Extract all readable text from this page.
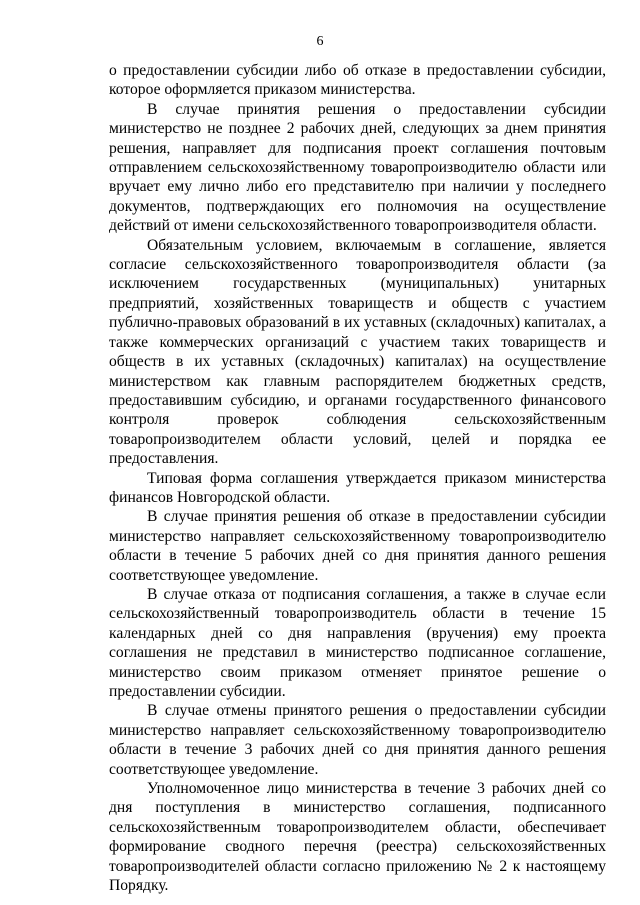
6

о предоставлении субсидии либо об отказе в предоставлении субсидии, которое оформляется приказом министерства.

В случае принятия решения о предоставлении субсидии министерство не позднее 2 рабочих дней, следующих за днем принятия решения, направляет для подписания проект соглашения почтовым отправлением сельскохозяйственному товаропроизводителю области или вручает ему лично либо его представителю при наличии у последнего документов, подтверждающих его полномочия на осуществление действий от имени сельскохозяйственного товаропроизводителя области.

Обязательным условием, включаемым в соглашение, является согласие сельскохозяйственного товаропроизводителя области (за исключением государственных (муниципальных) унитарных предприятий, хозяйственных товариществ и обществ с участием публично-правовых образований в их уставных (складочных) капиталах, а также коммерческих организаций с участием таких товариществ и обществ в их уставных (складочных) капиталах) на осуществление министерством как главным распорядителем бюджетных средств, предоставившим субсидию, и органами государственного финансового контроля проверок соблюдения сельскохозяйственным товаропроизводителем области условий, целей и порядка ее предоставления.

Типовая форма соглашения утверждается приказом министерства финансов Новгородской области.

В случае принятия решения об отказе в предоставлении субсидии министерство направляет сельскохозяйственному товаропроизводителю области в течение 5 рабочих дней со дня принятия данного решения соответствующее уведомление.

В случае отказа от подписания соглашения, а также в случае если сельскохозяйственный товаропроизводитель области в течение 15 календарных дней со дня направления (вручения) ему проекта соглашения не представил в министерство подписанное соглашение, министерство своим приказом отменяет принятое решение о предоставлении субсидии.

В случае отмены принятого решения о предоставлении субсидии министерство направляет сельскохозяйственному товаропроизводителю области в течение 3 рабочих дней со дня принятия данного решения соответствующее уведомление.

Уполномоченное лицо министерства в течение 3 рабочих дней со дня поступления в министерство соглашения, подписанного сельскохозяйственным товаропроизводителем области, обеспечивает формирование сводного перечня (реестра) сельскохозяйственных товаропроизводителей области согласно приложению № 2 к настоящему Порядку.
